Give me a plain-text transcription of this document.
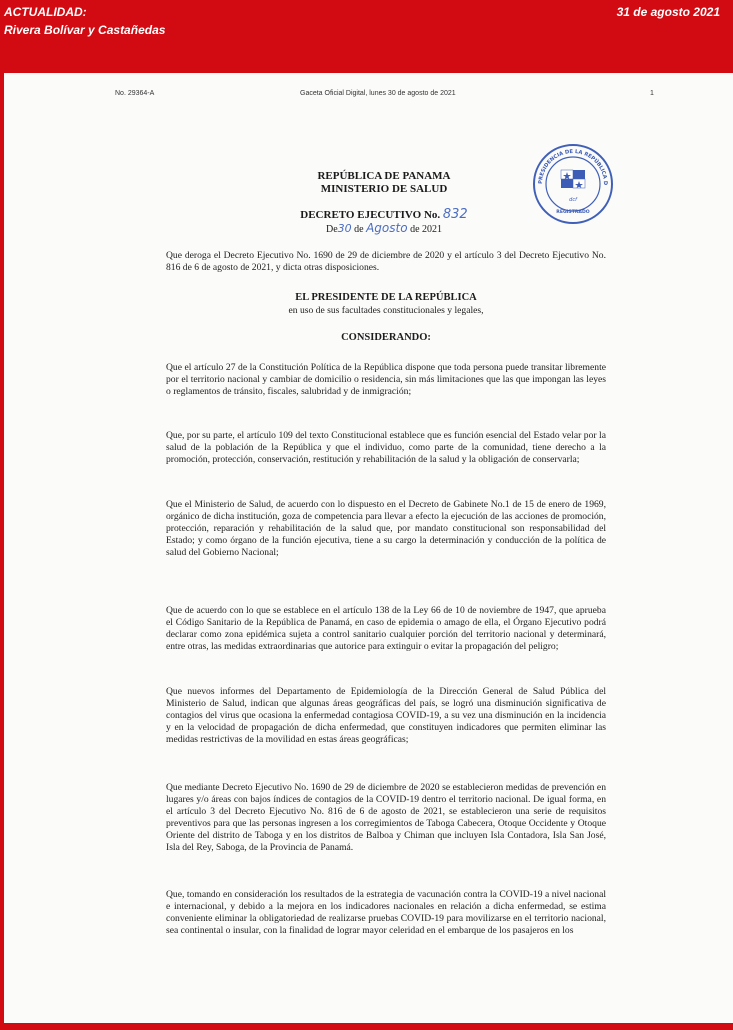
ACTUALIDAD:
Rivera Bolívar y Castañedas
31 de agosto 2021
No. 29364-A	Gaceta Oficial Digital, lunes 30 de agosto de 2021	1
PRESIDENCIA DE LA REPÚBLICA D
dcf
REGISTRADO
REPÚBLICA DE PANAMA
MINISTERIO DE SALUD
DECRETO EJECUTIVO No. 832
De30 de Agosto de 2021

Que deroga el Decreto Ejecutivo No. 1690 de 29 de diciembre de 2020 y el artículo 3 del Decreto Ejecutivo No. 816 de 6 de agosto de 2021, y dicta otras disposiciones.

EL PRESIDENTE DE LA REPÚBLICA

en uso de sus facultades constitucionales y legales,

CONSIDERANDO:

Que el artículo 27 de la Constitución Política de la República dispone que toda persona puede transitar libremente por el territorio nacional y cambiar de domicilio o residencia, sin más limitaciones que las que impongan las leyes o reglamentos de tránsito, fiscales, salubridad y de inmigración;

Que, por su parte, el artículo 109 del texto Constitucional establece que es función esencial del Estado velar por la salud de la población de la República y que el individuo, como parte de la comunidad, tiene derecho a la promoción, protección, conservación, restitución y rehabilitación de la salud y la obligación de conservarla;

Que el Ministerio de Salud, de acuerdo con lo dispuesto en el Decreto de Gabinete No.1 de 15 de enero de 1969, orgánico de dicha institución, goza de competencia para llevar a efecto la ejecución de las acciones de promoción, protección, reparación y rehabilitación de la salud que, por mandato constitucional son responsabilidad del Estado; y como órgano de la función ejecutiva, tiene a su cargo la determinación y conducción de la política de salud del Gobierno Nacional;

Que de acuerdo con lo que se establece en el artículo 138 de la Ley 66 de 10 de noviembre de 1947, que aprueba el Código Sanitario de la República de Panamá, en caso de epidemia o amago de ella, el Órgano Ejecutivo podrá declarar como zona epidémica sujeta a control sanitario cualquier porción del territorio nacional y determinará, entre otras, las medidas extraordinarias que autorice para extinguir o evitar la propagación del peligro;

Que nuevos informes del Departamento de Epidemiología de la Dirección General de Salud Pública del Ministerio de Salud, indican que algunas áreas geográficas del país, se logró una disminución significativa de contagios del virus que ocasiona la enfermedad contagiosa COVID-19, a su vez una disminución en la incidencia y en la velocidad de propagación de dicha enfermedad, que constituyen indicadores que permiten eliminar las medidas restrictivas de la movilidad en estas áreas geográficas;

Que mediante Decreto Ejecutivo No. 1690 de 29 de diciembre de 2020 se establecieron medidas de prevención en lugares y/o áreas con bajos índices de contagios de la COVID-19 dentro el territorio nacional. De igual forma, en el artículo 3 del Decreto Ejecutivo No. 816 de 6 de agosto de 2021, se establecieron una serie de requisitos preventivos para que las personas ingresen a los corregimientos de Taboga Cabecera, Otoque Occidente y Otoque Oriente del distrito de Taboga y en los distritos de Balboa y Chiman que incluyen Isla Contadora, Isla San José, Isla del Rey, Saboga, de la Provincia de Panamá.

Que, tomando en consideración los resultados de la estrategia de vacunación contra la COVID-19 a nivel nacional e internacional, y debido a la mejora en los indicadores nacionales en relación a dicha enfermedad, se estima conveniente eliminar la obligatoriedad de realizarse pruebas COVID-19 para movilizarse en el territorio nacional, sea continental o insular, con la finalidad de lograr mayor celeridad en el embarque de los pasajeros en los
